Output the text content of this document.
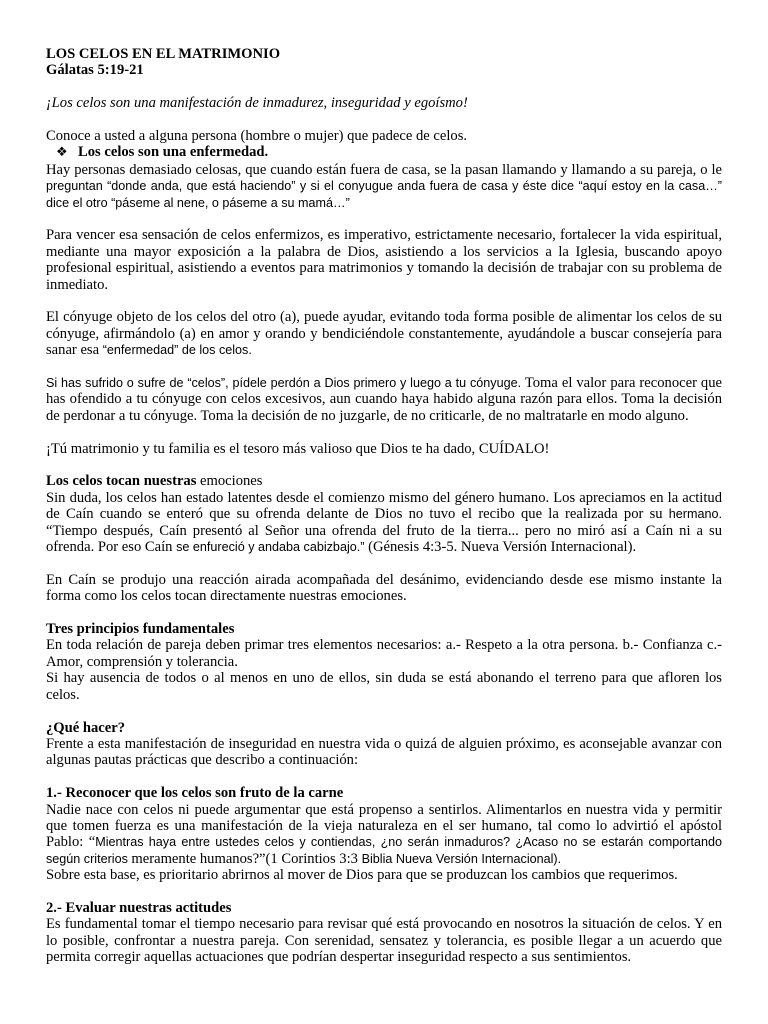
LOS CELOS EN EL MATRIMONIO

Gálatas 5:19-21

¡Los celos son una manifestación de inmadurez, inseguridad y egoísmo!

Conoce a usted a alguna persona (hombre o mujer) que padece de celos.

❖ Los celos son una enfermedad.

Hay personas demasiado celosas, que cuando están fuera de casa, se la pasan llamando y llamando a su pareja, o le preguntan “donde anda, que está haciendo” y si el conyugue anda fuera de casa y éste dice “aquí estoy en la casa…” dice el otro “páseme al nene, o páseme a su mamá…”

Para vencer esa sensación de celos enfermizos, es imperativo, estrictamente necesario, fortalecer la vida espiritual, mediante una mayor exposición a la palabra de Dios, asistiendo a los servicios a la Iglesia, buscando apoyo profesional espiritual, asistiendo a eventos para matrimonios y tomando la decisión de trabajar con su problema de inmediato.

El cónyuge objeto de los celos del otro (a), puede ayudar, evitando toda forma posible de alimentar los celos de su cónyuge, afirmándolo (a) en amor y orando y bendiciéndole constantemente, ayudándole a buscar consejería para sanar esa “enfermedad” de los celos.

Si has sufrido o sufre de “celos”, pídele perdón a Dios primero y luego a tu cónyuge. Toma el valor para reconocer que has ofendido a tu cónyuge con celos excesivos, aun cuando haya habido alguna razón para ellos. Toma la decisión de perdonar a tu cónyuge. Toma la decisión de no juzgarle, de no criticarle, de no maltratarle en modo alguno.

¡Tú matrimonio y tu familia es el tesoro más valioso que Dios te ha dado, CUÍDALO!

Los celos tocan nuestras emociones

Sin duda, los celos han estado latentes desde el comienzo mismo del género humano. Los apreciamos en la actitud de Caín cuando se enteró que su ofrenda delante de Dios no tuvo el recibo que la realizada por su hermano. “Tiempo después, Caín presentó al Señor una ofrenda del fruto de la tierra... pero no miró así a Caín ni a su ofrenda. Por eso Caín se enfureció y andaba cabizbajo.” (Génesis 4:3-5. Nueva Versión Internacional).

En Caín se produjo una reacción airada acompañada del desánimo, evidenciando desde ese mismo instante la forma como los celos tocan directamente nuestras emociones.

Tres principios fundamentales

En toda relación de pareja deben primar tres elementos necesarios: a.- Respeto a la otra persona. b.- Confianza c.- Amor, comprensión y tolerancia.

Si hay ausencia de todos o al menos en uno de ellos, sin duda se está abonando el terreno para que afloren los celos.

¿Qué hacer?

Frente a esta manifestación de inseguridad en nuestra vida o quizá de alguien próximo, es aconsejable avanzar con algunas pautas prácticas que describo a continuación:

1.- Reconocer que los celos son fruto de la carne

Nadie nace con celos ni puede argumentar que está propenso a sentirlos. Alimentarlos en nuestra vida y permitir que tomen fuerza es una manifestación de la vieja naturaleza en el ser humano, tal como lo advirtió el apóstol Pablo: “Mientras haya entre ustedes celos y contiendas, ¿no serán inmaduros? ¿Acaso no se estarán comportando según criterios meramente humanos?”(1 Corintios 3:3 Biblia Nueva Versión Internacional).

Sobre esta base, es prioritario abrirnos al mover de Dios para que se produzcan los cambios que requerimos.

2.- Evaluar nuestras actitudes

Es fundamental tomar el tiempo necesario para revisar qué está provocando en nosotros la situación de celos. Y en lo posible, confrontar a nuestra pareja. Con serenidad, sensatez y tolerancia, es posible llegar a un acuerdo que permita corregir aquellas actuaciones que podrían despertar inseguridad respecto a sus sentimientos.
